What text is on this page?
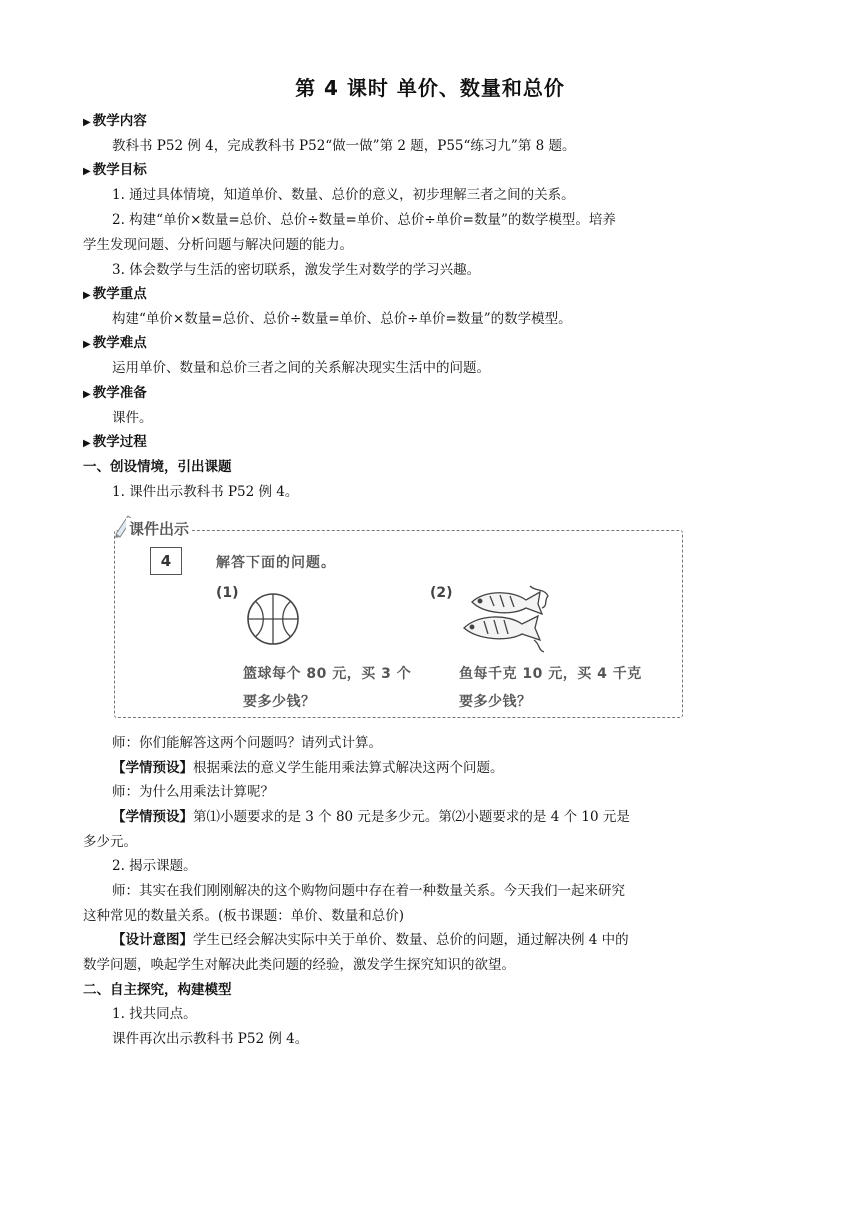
第 4 课时 单价、数量和总价
▶ 教学内容
教科书 P52 例 4，完成教科书 P52“做一做”第 2 题，P55“练习九”第 8 题。
▶ 教学目标
1. 通过具体情境，知道单价、数量、总价的意义，初步理解三者之间的关系。
2. 构建“单价×数量=总价、总价÷数量=单价、总价÷单价=数量”的数学模型。培养
学生发现问题、分析问题与解决问题的能力。
3. 体会数学与生活的密切联系，激发学生对数学的学习兴趣。
▶ 教学重点
构建“单价×数量=总价、总价÷数量=单价、总价÷单价=数量”的数学模型。
▶ 教学难点
运用单价、数量和总价三者之间的关系解决现实生活中的问题。
▶ 教学准备
课件。
▶ 教学过程
一、创设情境，引出课题
1. 课件出示教科书 P52 例 4。
课件出示
4	解答下面的问题。
(1)
篮球每个 80 元，买 3 个
要多少钱？
(2)
鱼每千克 10 元，买 4 千克
要多少钱？
师：你们能解答这两个问题吗？请列式计算。
【学情预设】根据乘法的意义学生能用乘法算式解决这两个问题。
师：为什么用乘法计算呢？
【学情预设】第⑴小题要求的是 3 个 80 元是多少元。第⑵小题要求的是 4 个 10 元是
多少元。
2. 揭示课题。
师：其实在我们刚刚解决的这个购物问题中存在着一种数量关系。今天我们一起来研究
这种常见的数量关系。(板书课题：单价、数量和总价)
【设计意图】学生已经会解决实际中关于单价、数量、总价的问题，通过解决例 4 中的
数学问题，唤起学生对解决此类问题的经验，激发学生探究知识的欲望。
二、自主探究，构建模型
1. 找共同点。
课件再次出示教科书 P52 例 4。
